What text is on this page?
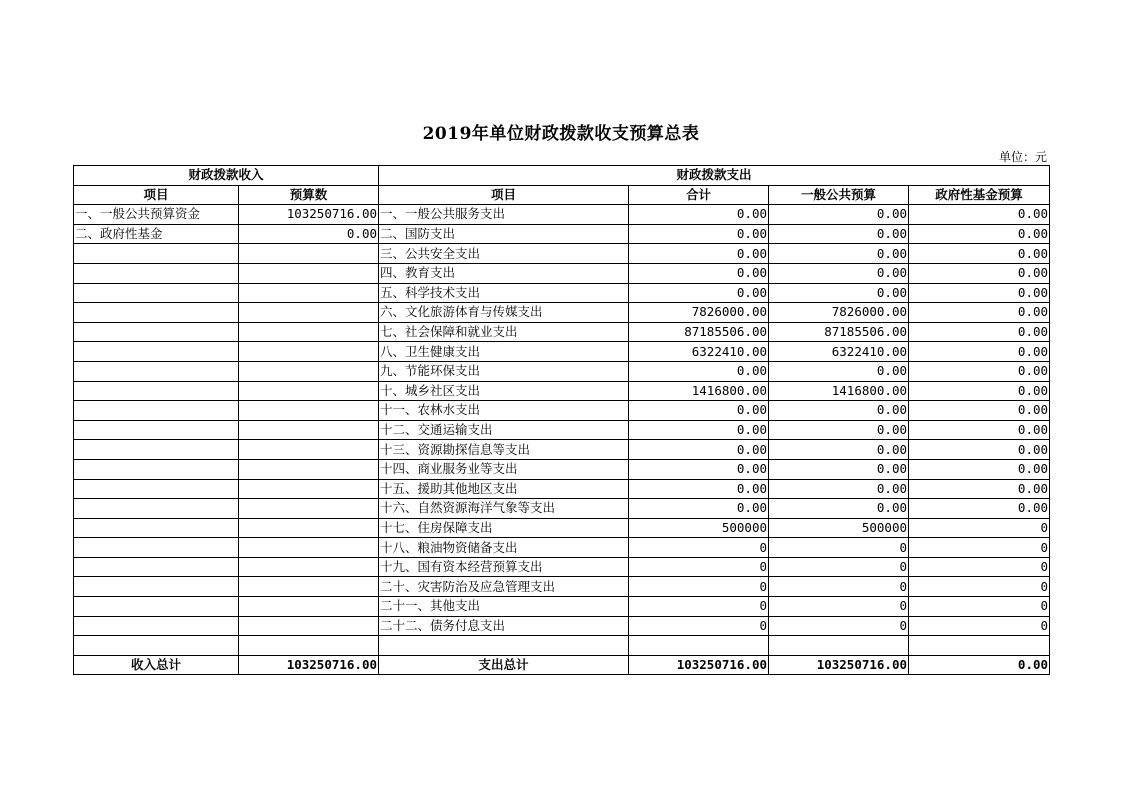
2019年单位财政拨款收支预算总表
单位：元
财政拨款收入		财政拨款支出			
项目	预算数	项目	合计	一般公共预算	政府性基金预算
一、一般公共预算资金	103250716.00	一、一般公共服务支出	0.00	0.00	0.00
二、政府性基金	0.00	二、国防支出	0.00	0.00	0.00
		三、公共安全支出	0.00	0.00	0.00
		四、教育支出	0.00	0.00	0.00
		五、科学技术支出	0.00	0.00	0.00
		六、文化旅游体育与传媒支出	7826000.00	7826000.00	0.00
		七、社会保障和就业支出	87185506.00	87185506.00	0.00
		八、卫生健康支出	6322410.00	6322410.00	0.00
		九、节能环保支出	0.00	0.00	0.00
		十、城乡社区支出	1416800.00	1416800.00	0.00
		十一、农林水支出	0.00	0.00	0.00
		十二、交通运输支出	0.00	0.00	0.00
		十三、资源勘探信息等支出	0.00	0.00	0.00
		十四、商业服务业等支出	0.00	0.00	0.00
		十五、援助其他地区支出	0.00	0.00	0.00
		十六、自然资源海洋气象等支出	0.00	0.00	0.00
		十七、住房保障支出	500000	500000	0
		十八、粮油物资储备支出	0	0	0
		十九、国有资本经营预算支出	0	0	0
		二十、灾害防治及应急管理支出	0	0	0
		二十一、其他支出	0	0	0
		二十二、债务付息支出	0	0	0

收入总计	103250716.00	支出总计	103250716.00	103250716.00	0.00
